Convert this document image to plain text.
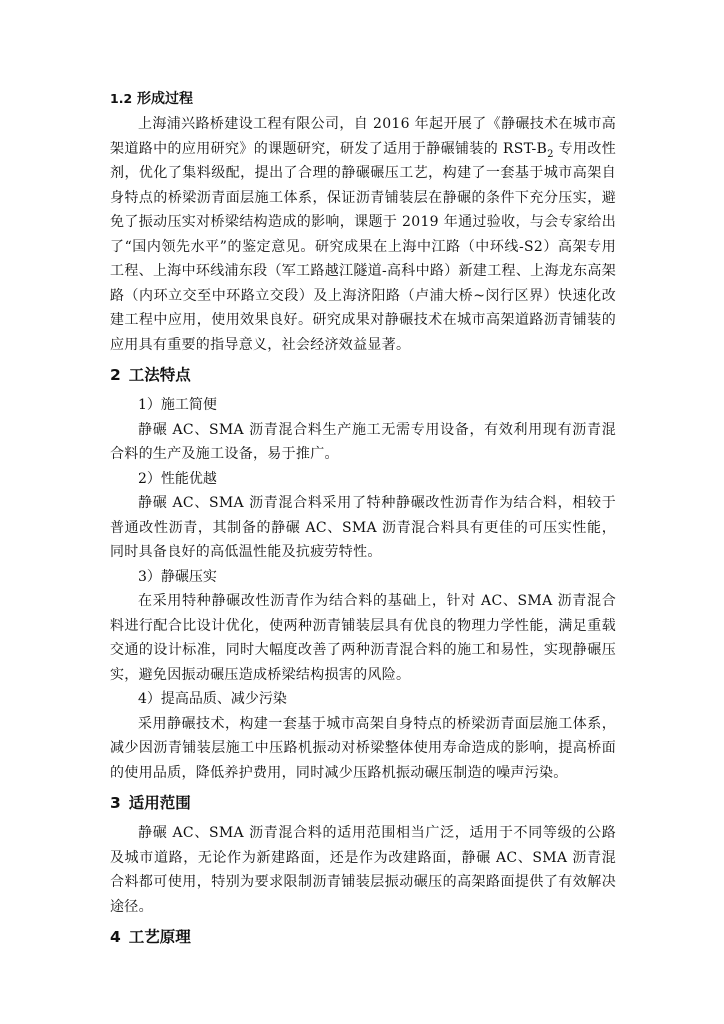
1.2 形成过程

上海浦兴路桥建设工程有限公司，自 2016 年起开展了《静碾技术在城市高架道路中的应用研究》的课题研究，研发了适用于静碾铺装的 RST-$B_2$ 专用改性剂，优化了集料级配，提出了合理的静碾碾压工艺，构建了一套基于城市高架自身特点的桥梁沥青面层施工体系，保证沥青铺装层在静碾的条件下充分压实，避免了振动压实对桥梁结构造成的影响，课题于 2019 年通过验收，与会专家给出了“国内领先水平”的鉴定意见。研究成果在上海中江路（中环线-S2）高架专用工程、上海中环线浦东段（军工路越江隧道-高科中路）新建工程、上海龙东高架路（内环立交至中环路立交段）及上海济阳路（卢浦大桥~闵行区界）快速化改建工程中应用，使用效果良好。研究成果对静碾技术在城市高架道路沥青铺装的应用具有重要的指导意义，社会经济效益显著。

2 工法特点
1）施工简便

静碾 AC、SMA 沥青混合料生产施工无需专用设备，有效利用现有沥青混合料的生产及施工设备，易于推广。

2）性能优越

静碾 AC、SMA 沥青混合料采用了特种静碾改性沥青作为结合料，相较于普通改性沥青，其制备的静碾 AC、SMA 沥青混合料具有更佳的可压实性能，同时具备良好的高低温性能及抗疲劳特性。

3）静碾压实

在采用特种静碾改性沥青作为结合料的基础上，针对 AC、SMA 沥青混合料进行配合比设计优化，使两种沥青铺装层具有优良的物理力学性能，满足重载交通的设计标准，同时大幅度改善了两种沥青混合料的施工和易性，实现静碾压实，避免因振动碾压造成桥梁结构损害的风险。

4）提高品质、减少污染

采用静碾技术，构建一套基于城市高架自身特点的桥梁沥青面层施工体系，减少因沥青铺装层施工中压路机振动对桥梁整体使用寿命造成的影响，提高桥面的使用品质，降低养护费用，同时减少压路机振动碾压制造的噪声污染。

3 适用范围

静碾 AC、SMA 沥青混合料的适用范围相当广泛，适用于不同等级的公路及城市道路，无论作为新建路面，还是作为改建路面，静碾 AC、SMA 沥青混合料都可使用，特别为要求限制沥青铺装层振动碾压的高架路面提供了有效解决途径。

4 工艺原理
